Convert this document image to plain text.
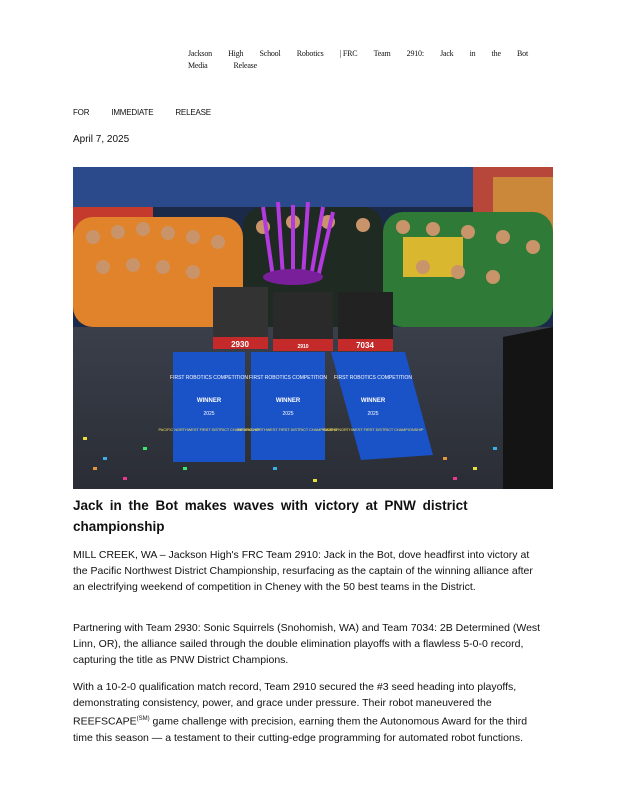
Jackson High School Robotics | FRC Team 2910: Jack in the Bot
Media	Release
FOR	IMMEDIATE	RELEASE
April 7, 2025
2930	2910	7034
FIRST ROBOTICS COMPETITION
WINNER
2025
PACIFIC NORTHWEST FIRST DISTRICT CHAMPIONSHIP
FIRST ROBOTICS COMPETITION
WINNER
2025
PACIFIC NORTHWEST FIRST DISTRICT CHAMPIONSHIP
FIRST ROBOTICS COMPETITION
WINNER
2025
PACIFIC NORTHWEST FIRST DISTRICT CHAMPIONSHIP
Jack in the Bot makes waves with victory at PNW district championship
MILL CREEK, WA – Jackson High's FRC Team 2910: Jack in the Bot, dove headfirst into victory at the Pacific Northwest District Championship, resurfacing as the captain of the winning alliance after an electrifying weekend of competition in Cheney with the 50 best teams in the District.
Partnering with Team 2930: Sonic Squirrels (Snohomish, WA) and Team 7034: 2B Determined (West Linn, OR), the alliance sailed through the double elimination playoffs with a flawless 5-0-0 record, capturing the title as PNW District Champions.
With a 10-2-0 qualification match record, Team 2910 secured the #3 seed heading into playoffs, demonstrating consistency, power, and grace under pressure. Their robot maneuvered the $REEFSCAPE^{(SM)}$ game challenge with precision, earning them the Autonomous Award for the third time this season — a testament to their cutting-edge programming for automated robot functions.
